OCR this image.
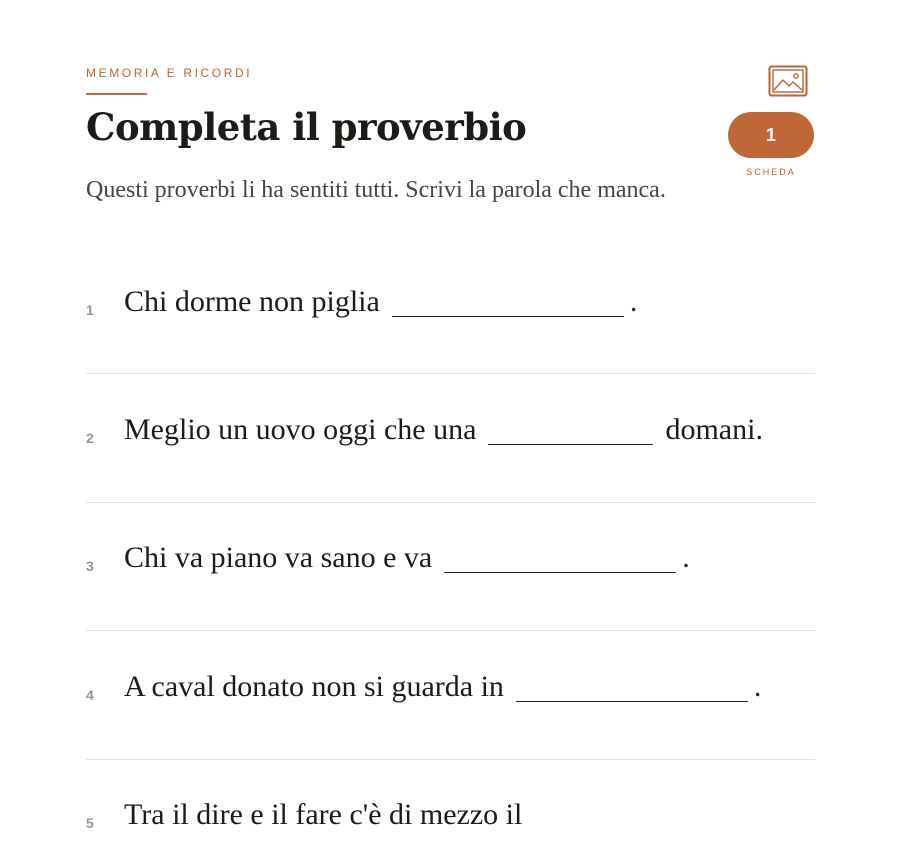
MEMORIA E RICORDI
Completa il proverbio

Questi proverbi li ha sentiti tutti. Scrivi la parola che manca.

1
SCHEDA
1 Chi dorme non piglia	.
2 Meglio un uovo oggi che una	domani.
3 Chi va piano va sano e va	.
4 A caval donato non si guarda in	.
5 Tra il dire e il fare c'è di mezzo il
